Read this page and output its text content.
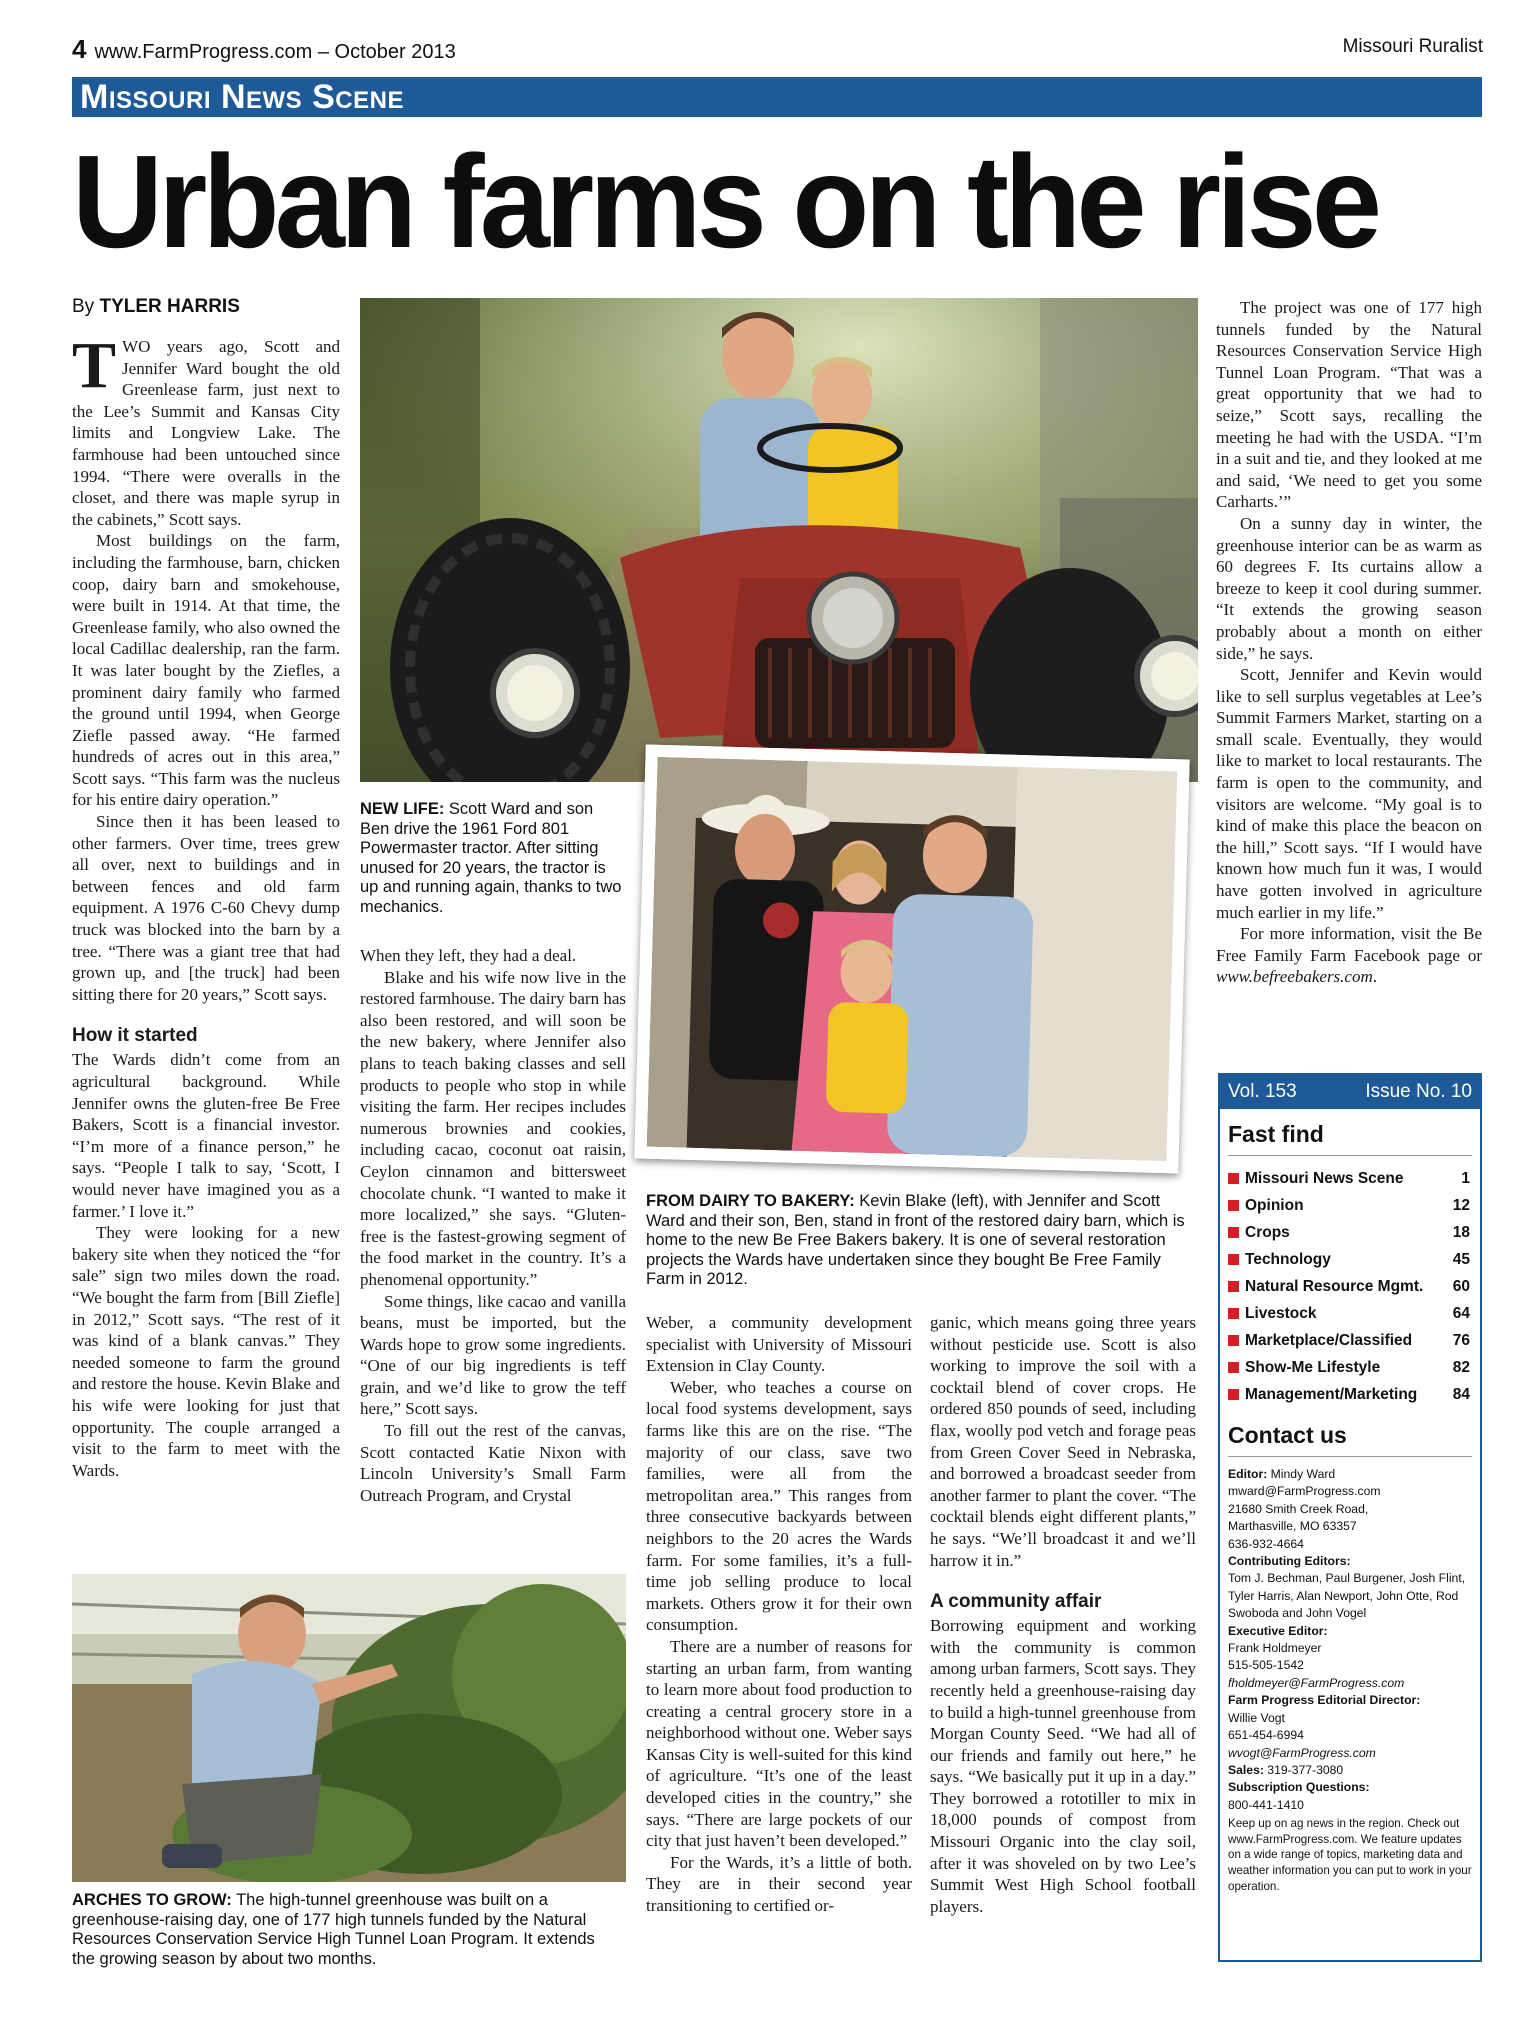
4 www.FarmProgress.com – October 2013	Missouri Ruralist
Missouri News Scene
Urban farms on the rise
By TYLER HARRIS

TWO years ago, Scott and Jennifer Ward bought the old Greenlease farm, just next to the Lee’s Summit and Kansas City limits and Longview Lake. The farmhouse had been untouched since 1994. “There were overalls in the closet, and there was maple syrup in the cabinets,” Scott says.

Most buildings on the farm, including the farmhouse, barn, chicken coop, dairy barn and smokehouse, were built in 1914. At that time, the Greenlease family, who also owned the local Cadillac dealership, ran the farm. It was later bought by the Ziefles, a prominent dairy family who farmed the ground until 1994, when George Ziefle passed away. “He farmed hundreds of acres out in this area,” Scott says. “This farm was the nucleus for his entire dairy operation.”

Since then it has been leased to other farmers. Over time, trees grew all over, next to buildings and in between fences and old farm equipment. A 1976 C-60 Chevy dump truck was blocked into the barn by a tree. “There was a giant tree that had grown up, and [the truck] had been sitting there for 20 years,” Scott says.

How it started

The Wards didn’t come from an agricultural background. While Jennifer owns the gluten-free Be Free Bakers, Scott is a financial investor. “I’m more of a finance person,” he says. “People I talk to say, ‘Scott, I would never have imagined you as a farmer.’ I love it.”

They were looking for a new bakery site when they noticed the “for sale” sign two miles down the road. “We bought the farm from [Bill Ziefle] in 2012,” Scott says. “The rest of it was kind of a blank canvas.” They needed someone to farm the ground and restore the house. Kevin Blake and his wife were looking for just that opportunity. The couple arranged a visit to the farm to meet with the Wards.

NEW LIFE: Scott Ward and son Ben drive the 1961 Ford 801 Powermaster tractor. After sitting unused for 20 years, the tractor is up and running again, thanks to two mechanics.

When they left, they had a deal.

Blake and his wife now live in the restored farmhouse. The dairy barn has also been restored, and will soon be the new bakery, where Jennifer also plans to teach baking classes and sell products to people who stop in while visiting the farm. Her recipes includes numerous brownies and cookies, including cacao, coconut oat raisin, Ceylon cinnamon and bittersweet chocolate chunk. “I wanted to make it more localized,” she says. “Gluten-free is the fastest-growing segment of the food market in the country. It’s a phenomenal opportunity.”

Some things, like cacao and vanilla beans, must be imported, but the Wards hope to grow some ingredients. “One of our big ingredients is teff grain, and we’d like to grow the teff here,” Scott says.

To fill out the rest of the canvas, Scott contacted Katie Nixon with Lincoln University’s Small Farm Outreach Program, and Crystal

FROM DAIRY TO BAKERY: Kevin Blake (left), with Jennifer and Scott Ward and their son, Ben, stand in front of the restored dairy barn, which is home to the new Be Free Bakers bakery. It is one of several restoration projects the Wards have undertaken since they bought Be Free Family Farm in 2012.

Weber, a community development specialist with University of Missouri Extension in Clay County.

Weber, who teaches a course on local food systems development, says farms like this are on the rise. “The majority of our class, save two families, were all from the metropolitan area.” This ranges from three consecutive backyards between neighbors to the 20 acres the Wards farm. For some families, it’s a full-time job selling produce to local markets. Others grow it for their own consumption.

There are a number of reasons for starting an urban farm, from wanting to learn more about food production to creating a central grocery store in a neighborhood without one. Weber says Kansas City is well-suited for this kind of agriculture. “It’s one of the least developed cities in the country,” she says. “There are large pockets of our city that just haven’t been developed.”

For the Wards, it’s a little of both. They are in their second year transitioning to certified or-

ganic, which means going three years without pesticide use. Scott is also working to improve the soil with a cocktail blend of cover crops. He ordered 850 pounds of seed, including flax, woolly pod vetch and forage peas from Green Cover Seed in Nebraska, and borrowed a broadcast seeder from another farmer to plant the cover. “The cocktail blends eight different plants,” he says. “We’ll broadcast it and we’ll harrow it in.”

A community affair

Borrowing equipment and working with the community is common among urban farmers, Scott says. They recently held a greenhouse-raising day to build a high-tunnel greenhouse from Morgan County Seed. “We had all of our friends and family out here,” he says. “We basically put it up in a day.” They borrowed a rototiller to mix in 18,000 pounds of compost from Missouri Organic into the clay soil, after it was shoveled on by two Lee’s Summit West High School football players.

ARCHES TO GROW: The high-tunnel greenhouse was built on a greenhouse-raising day, one of 177 high tunnels funded by the Natural Resources Conservation Service High Tunnel Loan Program. It extends the growing season by about two months.

The project was one of 177 high tunnels funded by the Natural Resources Conservation Service High Tunnel Loan Program. “That was a great opportunity that we had to seize,” Scott says, recalling the meeting he had with the USDA. “I’m in a suit and tie, and they looked at me and said, ‘We need to get you some Carharts.’”

On a sunny day in winter, the greenhouse interior can be as warm as 60 degrees F. Its curtains allow a breeze to keep it cool during summer. “It extends the growing season probably about a month on either side,” he says.

Scott, Jennifer and Kevin would like to sell surplus vegetables at Lee’s Summit Farmers Market, starting on a small scale. Eventually, they would like to market to local restaurants. The farm is open to the community, and visitors are welcome. “My goal is to kind of make this place the beacon on the hill,” Scott says. “If I would have known how much fun it was, I would have gotten involved in agriculture much earlier in my life.”

For more information, visit the Be Free Family Farm Facebook page or www.befreebakers.com.

Vol. 153	Issue No. 10
Fast find
Missouri News Scene	1
Opinion	12
Crops	18
Technology	45
Natural Resource Mgmt. 60
Livestock	64
Marketplace/Classified	76
Show-Me Lifestyle	82
Management/Marketing 84
Contact us
Editor: Mindy Ward
mward@FarmProgress.com
21680 Smith Creek Road,
Marthasville, MO 63357
636-932-4664
Contributing Editors:
Tom J. Bechman, Paul Burgener, Josh Flint, Tyler Harris, Alan Newport, John Otte, Rod Swoboda and John Vogel
Executive Editor:
Frank Holdmeyer
515-505-1542
fholdmeyer@FarmProgress.com
Farm Progress Editorial Director:
Willie Vogt
651-454-6994
wvogt@FarmProgress.com
Sales: 319-377-3080
Subscription Questions:
800-441-1410
Keep up on ag news in the region. Check out www.FarmProgress.com. We feature updates on a wide range of topics, marketing data and weather information you can put to work in your operation.
